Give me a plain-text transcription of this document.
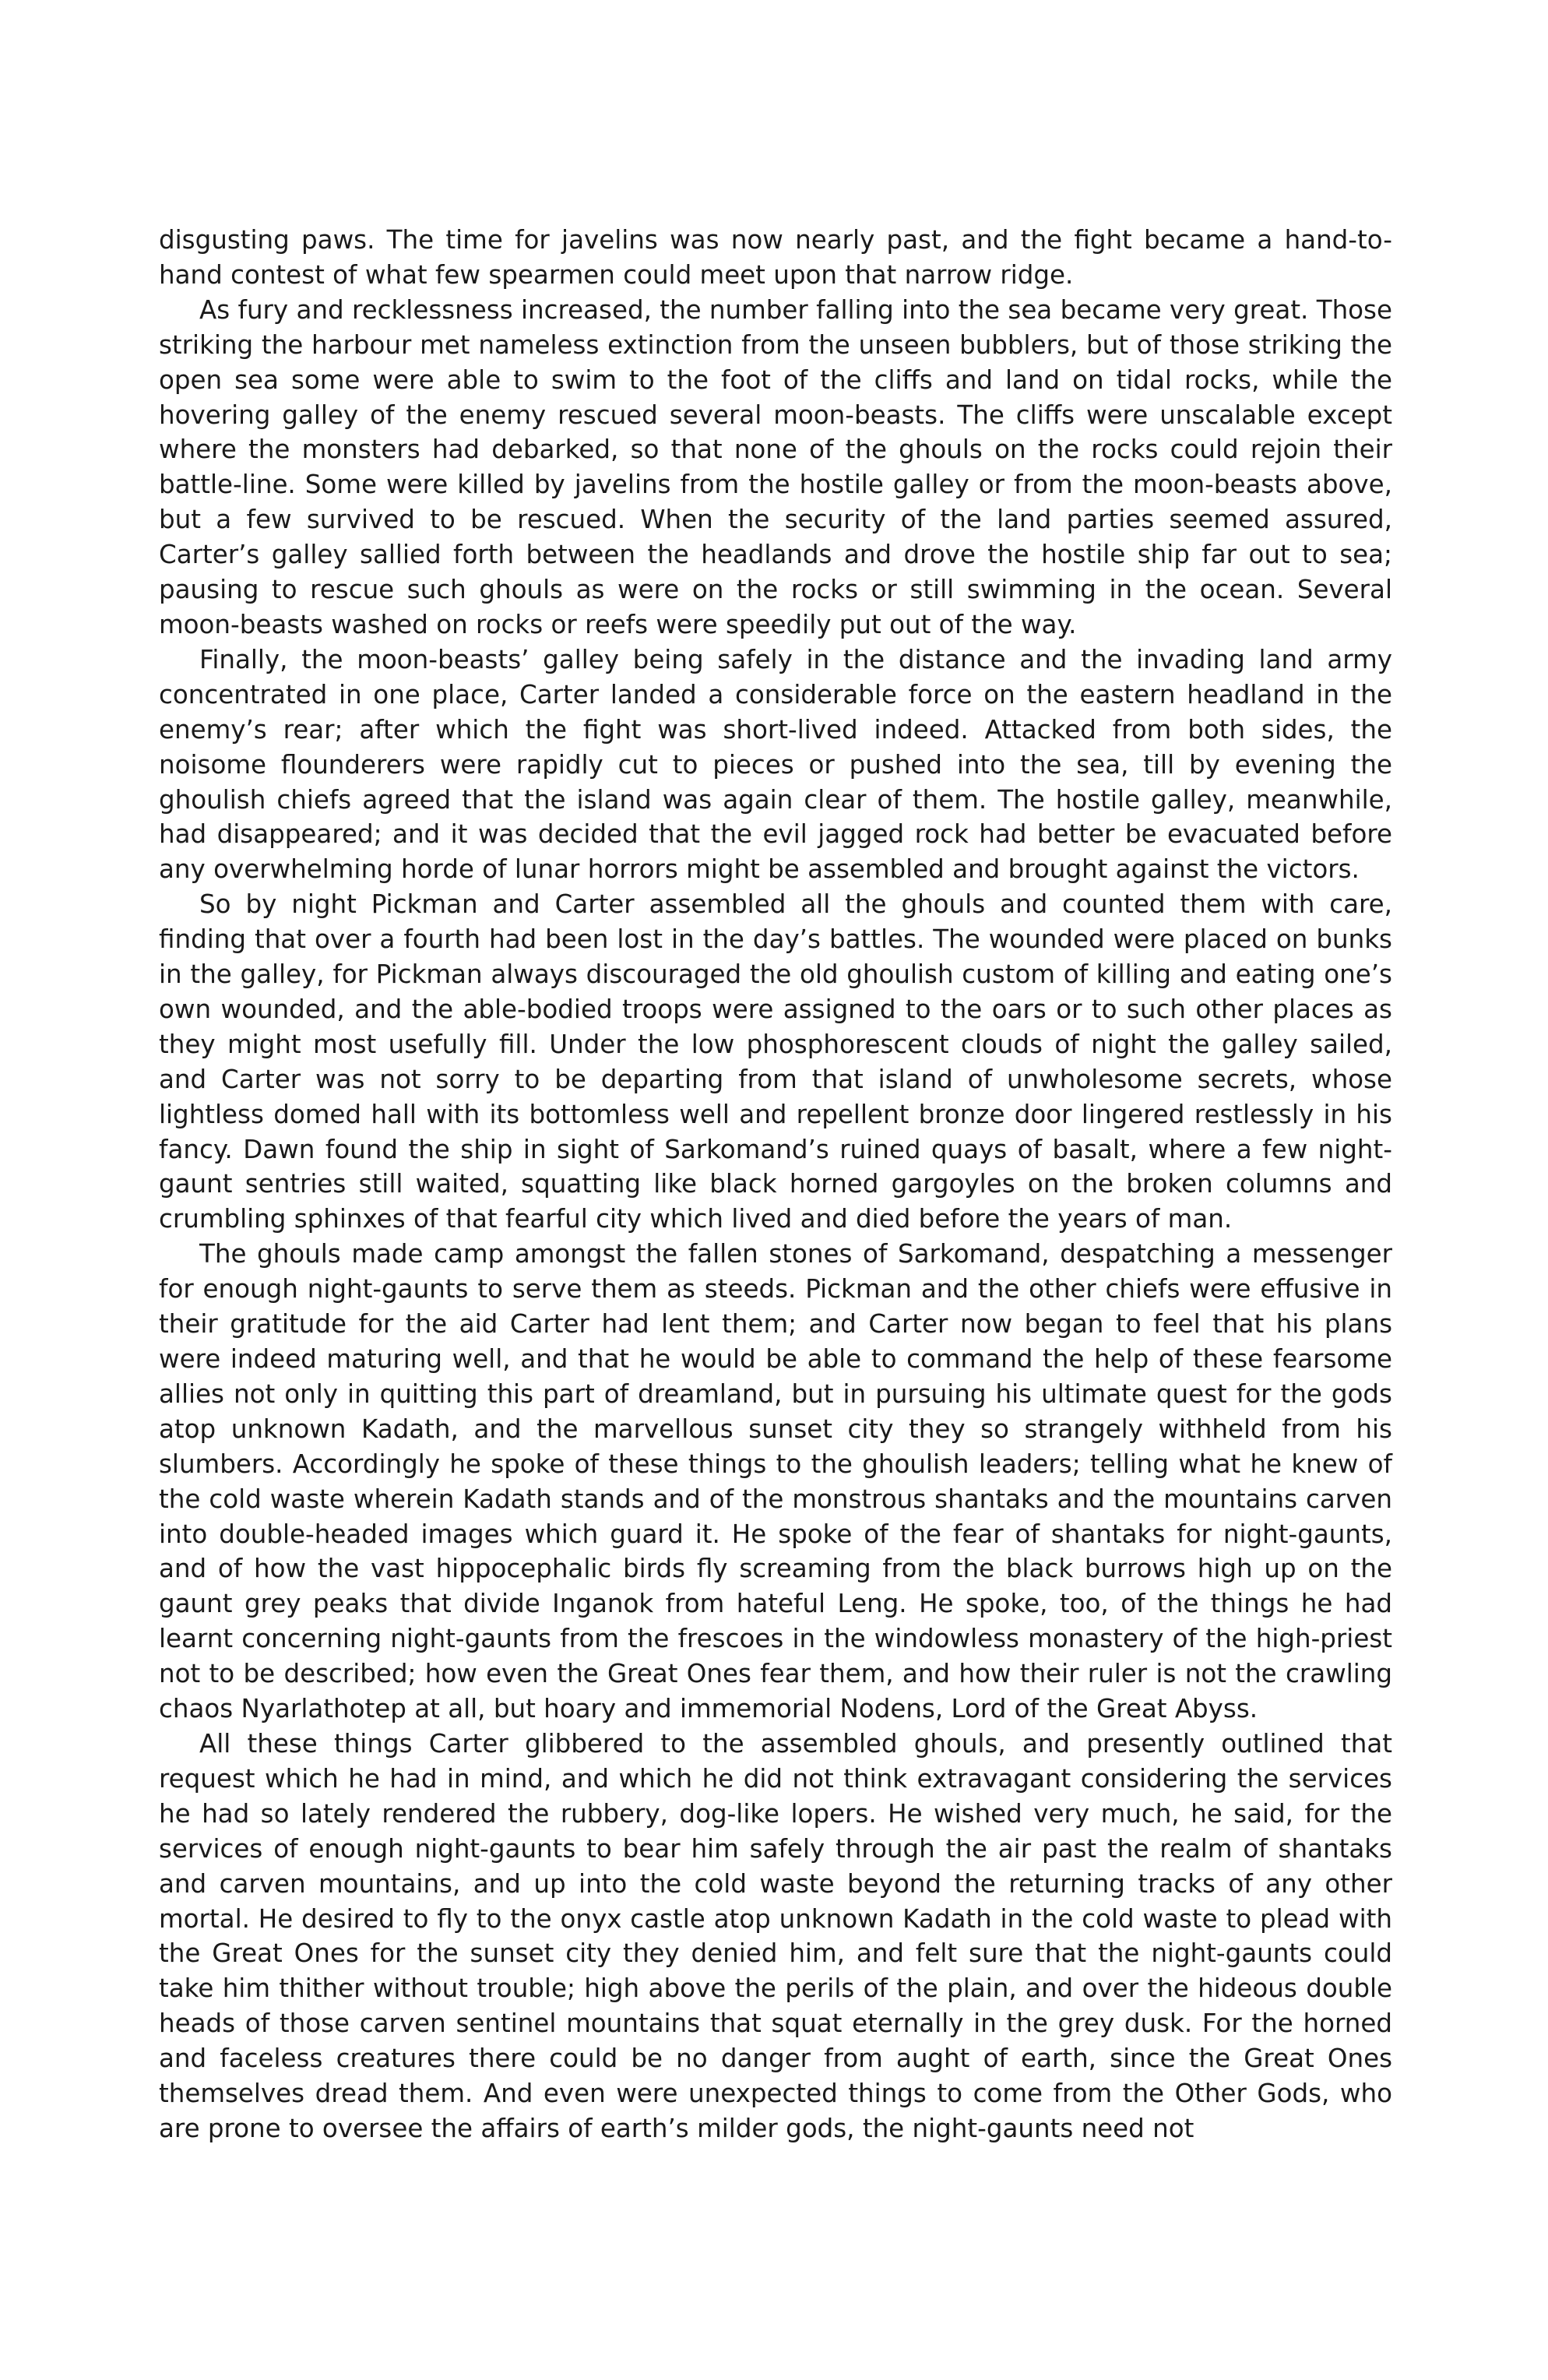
disgusting paws. The time for javelins was now nearly past, and the fight became a hand-to-hand contest of what few spearmen could meet upon that narrow ridge.

As fury and recklessness increased, the number falling into the sea became very great. Those striking the harbour met nameless extinction from the unseen bubblers, but of those striking the open sea some were able to swim to the foot of the cliffs and land on tidal rocks, while the hovering galley of the enemy rescued several moon-beasts. The cliffs were unscalable except where the monsters had debarked, so that none of the ghouls on the rocks could rejoin their battle-line. Some were killed by javelins from the hostile galley or from the moon-beasts above, but a few survived to be rescued. When the security of the land parties seemed assured, Carter’s galley sallied forth between the headlands and drove the hostile ship far out to sea; pausing to rescue such ghouls as were on the rocks or still swimming in the ocean. Several moon-beasts washed on rocks or reefs were speedily put out of the way.

Finally, the moon-beasts’ galley being safely in the distance and the invading land army concentrated in one place, Carter landed a considerable force on the eastern headland in the enemy’s rear; after which the fight was short-lived indeed. Attacked from both sides, the noisome flounderers were rapidly cut to pieces or pushed into the sea, till by evening the ghoulish chiefs agreed that the island was again clear of them. The hostile galley, meanwhile, had disappeared; and it was decided that the evil jagged rock had better be evacuated before any overwhelming horde of lunar horrors might be assembled and brought against the victors.

So by night Pickman and Carter assembled all the ghouls and counted them with care, finding that over a fourth had been lost in the day’s battles. The wounded were placed on bunks in the galley, for Pickman always discouraged the old ghoulish custom of killing and eating one’s own wounded, and the able-bodied troops were assigned to the oars or to such other places as they might most usefully fill. Under the low phosphorescent clouds of night the galley sailed, and Carter was not sorry to be departing from that island of unwholesome secrets, whose lightless domed hall with its bottomless well and repellent bronze door lingered restlessly in his fancy. Dawn found the ship in sight of Sarkomand’s ruined quays of basalt, where a few night-gaunt sentries still waited, squatting like black horned gargoyles on the broken columns and crumbling sphinxes of that fearful city which lived and died before the years of man.

The ghouls made camp amongst the fallen stones of Sarkomand, despatching a messenger for enough night-gaunts to serve them as steeds. Pickman and the other chiefs were effusive in their gratitude for the aid Carter had lent them; and Carter now began to feel that his plans were indeed maturing well, and that he would be able to command the help of these fearsome allies not only in quitting this part of dreamland, but in pursuing his ultimate quest for the gods atop unknown Kadath, and the marvellous sunset city they so strangely withheld from his slumbers. Accordingly he spoke of these things to the ghoulish leaders; telling what he knew of the cold waste wherein Kadath stands and of the monstrous shantaks and the mountains carven into double-headed images which guard it. He spoke of the fear of shantaks for night-gaunts, and of how the vast hippocephalic birds fly screaming from the black burrows high up on the gaunt grey peaks that divide Inganok from hateful Leng. He spoke, too, of the things he had learnt concerning night-gaunts from the frescoes in the windowless monastery of the high-priest not to be described; how even the Great Ones fear them, and how their ruler is not the crawling chaos Nyarlathotep at all, but hoary and immemorial Nodens, Lord of the Great Abyss.

All these things Carter glibbered to the assembled ghouls, and presently outlined that request which he had in mind, and which he did not think extravagant considering the services he had so lately rendered the rubbery, dog-like lopers. He wished very much, he said, for the services of enough night-gaunts to bear him safely through the air past the realm of shantaks and carven mountains, and up into the cold waste beyond the returning tracks of any other mortal. He desired to fly to the onyx castle atop unknown Kadath in the cold waste to plead with the Great Ones for the sunset city they denied him, and felt sure that the night-gaunts could take him thither without trouble; high above the perils of the plain, and over the hideous double heads of those carven sentinel mountains that squat eternally in the grey dusk. For the horned and faceless creatures there could be no danger from aught of earth, since the Great Ones themselves dread them. And even were unexpected things to come from the Other Gods, who are prone to oversee the affairs of earth’s milder gods, the night-gaunts need not
